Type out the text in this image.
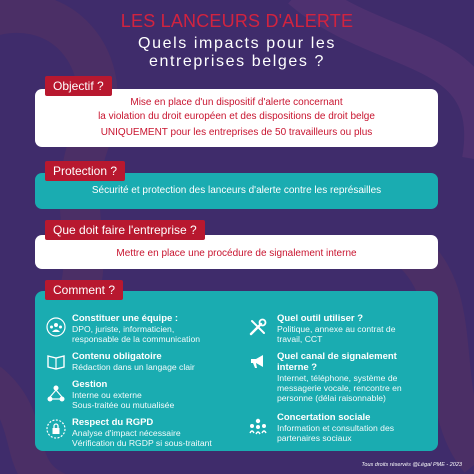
LES LANCEURS D'ALERTE
Quels impacts pour les
entreprises belges ?
Objectif ?
Mise en place d'un dispositif d'alerte concernant
la violation du droit européen et des dispositions de droit belge
UNIQUEMENT pour les entreprises de 50 travailleurs ou plus
Protection ?
Sécurité et protection des lanceurs d'alerte contre les représailles
Que doit faire l'entreprise ?
Mettre en place une procédure de signalement interne
Comment ?
Constituer une équipe :
DPO, juriste, informaticien,
responsable de la communication
Contenu obligatoire
Rédaction dans un langage clair
Gestion
Interne ou externe
Sous-traitée ou mutualisée
Respect du RGPD
Analyse d'impact nécessaire
Vérification du RGDP si sous-traitant
Quel outil utiliser ?
Politique, annexe au contrat de
travail, CCT
Quel canal de signalement
interne ?
Internet, téléphone, système de
messagerie vocale, rencontre en
personne (délai raisonnable)
Concertation sociale
Information et consultation des
partenaires sociaux
Tous droits réservés @Légal PME - 2023
